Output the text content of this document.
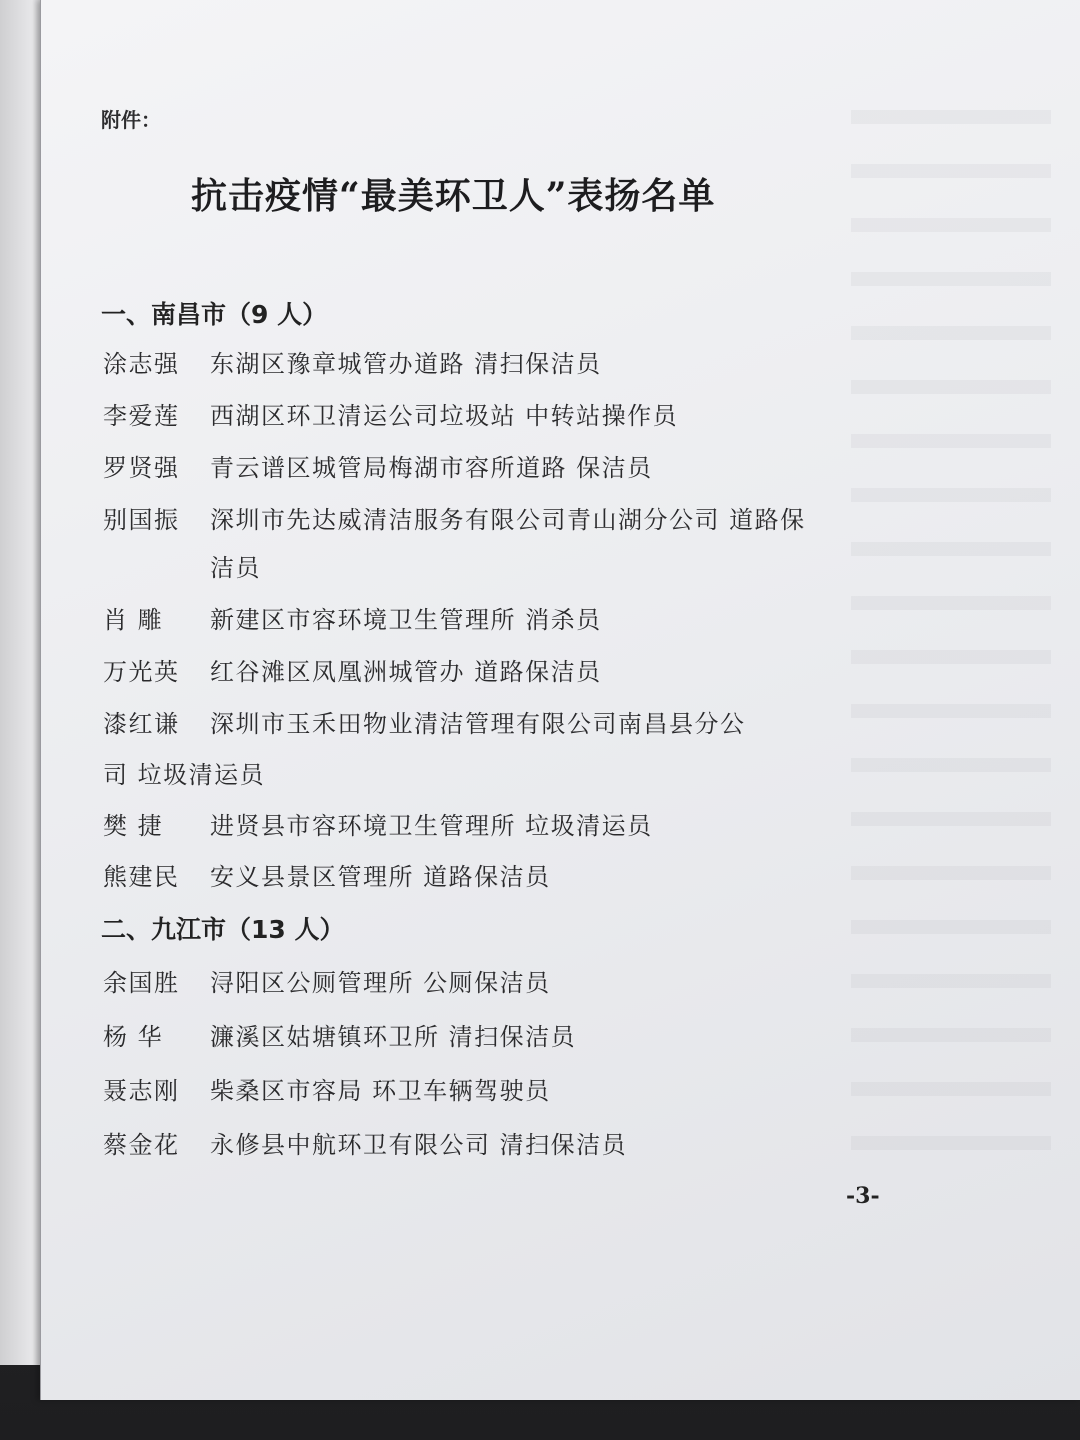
附件：
抗击疫情“最美环卫人”表扬名单
一、南昌市（9 人）
涂志强 东湖区豫章城管办道路 清扫保洁员
李爱莲 西湖区环卫清运公司垃圾站 中转站操作员
罗贤强 青云谱区城管局梅湖市容所道路 保洁员
别国振 深圳市先达威清洁服务有限公司青山湖分公司 道路保
洁员
肖 雕 新建区市容环境卫生管理所 消杀员
万光英 红谷滩区凤凰洲城管办 道路保洁员
漆红谦 深圳市玉禾田物业清洁管理有限公司南昌县分公
司 垃圾清运员
樊 捷 进贤县市容环境卫生管理所 垃圾清运员
熊建民 安义县景区管理所 道路保洁员
二、九江市（13 人）
余国胜 浔阳区公厕管理所 公厕保洁员
杨 华 濂溪区姑塘镇环卫所 清扫保洁员
聂志刚 柴桑区市容局 环卫车辆驾驶员
蔡金花 永修县中航环卫有限公司 清扫保洁员
-3-
